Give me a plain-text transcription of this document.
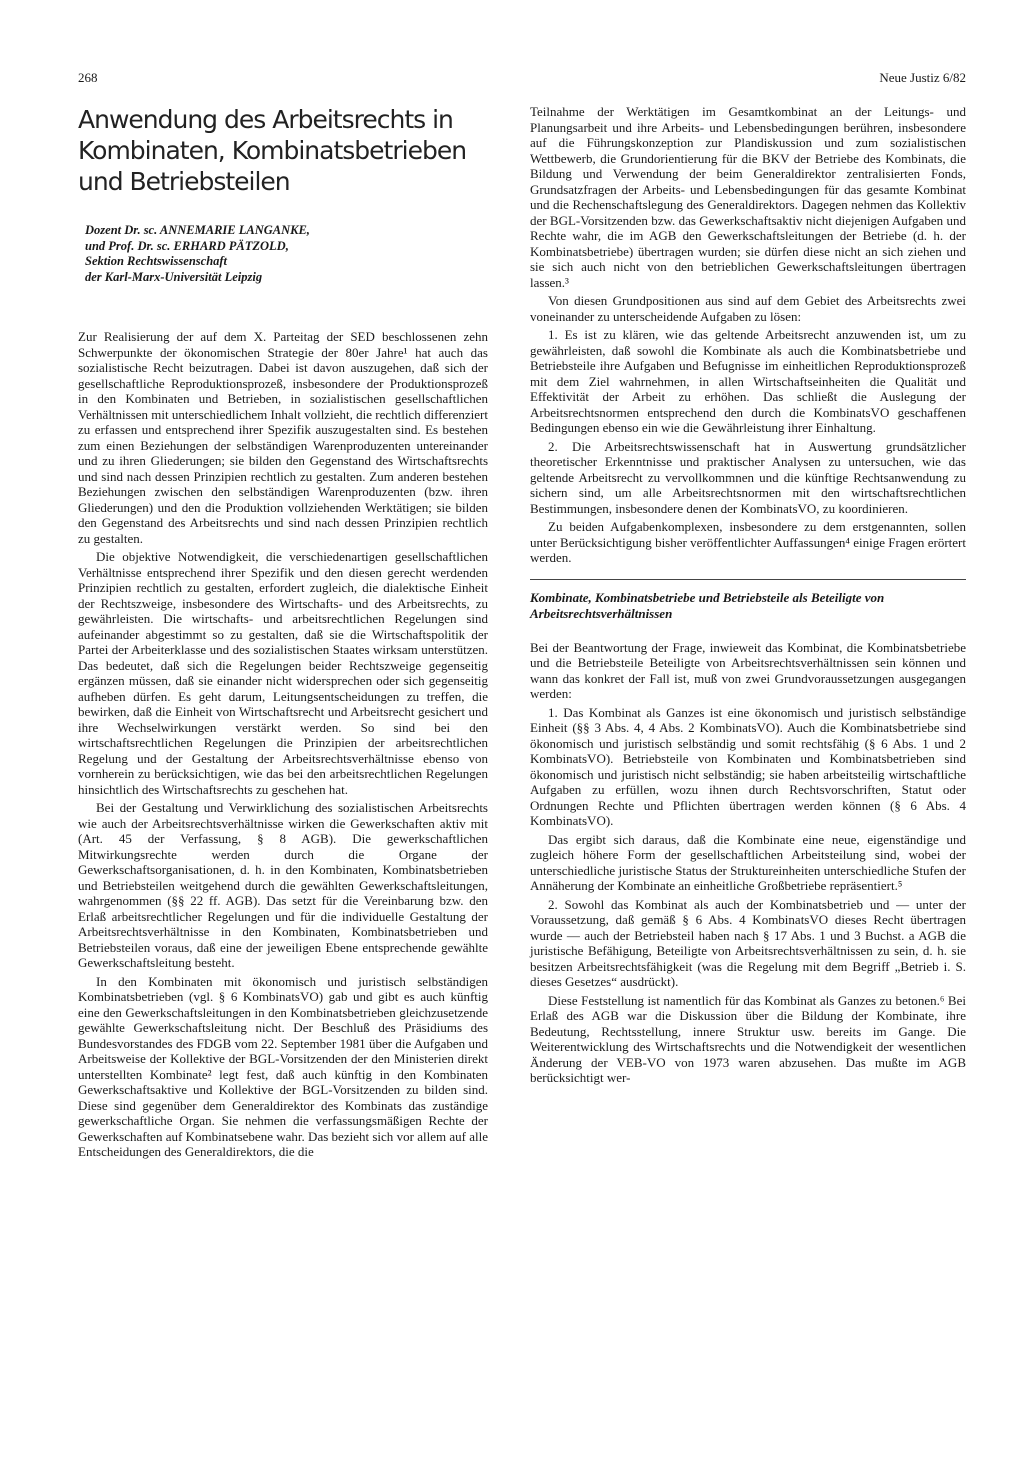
268	Neue Justiz 6/82
Anwendung des Arbeitsrechts in Kombinaten, Kombinatsbetrieben und Betriebsteilen
Dozent Dr. sc. ANNEMARIE LANGANKE,
und Prof. Dr. sc. ERHARD PÄTZOLD,
Sektion Rechtswissenschaft
der Karl-Marx-Universität Leipzig

Zur Realisierung der auf dem X. Parteitag der SED beschlossenen zehn Schwerpunkte der ökonomischen Strategie der 80er Jahre¹ hat auch das sozialistische Recht beizutragen. Dabei ist davon auszugehen, daß sich der gesellschaftliche Reproduktionsprozeß, insbesondere der Produktionsprozeß in den Kombinaten und Betrieben, in sozialistischen gesellschaftlichen Verhältnissen mit unterschiedlichem Inhalt vollzieht, die rechtlich differenziert zu erfassen und entsprechend ihrer Spezifik auszugestalten sind. Es bestehen zum einen Beziehungen der selbständigen Warenproduzenten untereinander und zu ihren Gliederungen; sie bilden den Gegenstand des Wirtschaftsrechts und sind nach dessen Prinzipien rechtlich zu gestalten. Zum anderen bestehen Beziehungen zwischen den selbständigen Warenproduzenten (bzw. ihren Gliederungen) und den die Produktion vollziehenden Werktätigen; sie bilden den Gegenstand des Arbeitsrechts und sind nach dessen Prinzipien rechtlich zu gestalten.

Die objektive Notwendigkeit, die verschiedenartigen gesellschaftlichen Verhältnisse entsprechend ihrer Spezifik und den diesen gerecht werdenden Prinzipien rechtlich zu gestalten, erfordert zugleich, die dialektische Einheit der Rechtszweige, insbesondere des Wirtschafts- und des Arbeitsrechts, zu gewährleisten. Die wirtschafts- und arbeitsrechtlichen Regelungen sind aufeinander abgestimmt so zu gestalten, daß sie die Wirtschaftspolitik der Partei der Arbeiterklasse und des sozialistischen Staates wirksam unterstützen. Das bedeutet, daß sich die Regelungen beider Rechtszweige gegenseitig ergänzen müssen, daß sie einander nicht widersprechen oder sich gegenseitig aufheben dürfen. Es geht darum, Leitungsentscheidungen zu treffen, die bewirken, daß die Einheit von Wirtschaftsrecht und Arbeitsrecht gesichert und ihre Wechselwirkungen verstärkt werden. So sind bei den wirtschaftsrechtlichen Regelungen die Prinzipien der arbeitsrechtlichen Regelung und der Gestaltung der Arbeitsrechtsverhältnisse ebenso von vornherein zu berücksichtigen, wie das bei den arbeitsrechtlichen Regelungen hinsichtlich des Wirtschaftsrechts zu geschehen hat.

Bei der Gestaltung und Verwirklichung des sozialistischen Arbeitsrechts wie auch der Arbeitsrechtsverhältnisse wirken die Gewerkschaften aktiv mit (Art. 45 der Verfassung, § 8 AGB). Die gewerkschaftlichen Mitwirkungsrechte werden durch die Organe der Gewerkschaftsorganisationen, d. h. in den Kombinaten, Kombinatsbetrieben und Betriebsteilen weitgehend durch die gewählten Gewerkschaftsleitungen, wahrgenommen (§§ 22 ff. AGB). Das setzt für die Vereinbarung bzw. den Erlaß arbeitsrechtlicher Regelungen und für die individuelle Gestaltung der Arbeitsrechtsverhältnisse in den Kombinaten, Kombinatsbetrieben und Betriebsteilen voraus, daß eine der jeweiligen Ebene entsprechende gewählte Gewerkschaftsleitung besteht.

In den Kombinaten mit ökonomisch und juristisch selbständigen Kombinatsbetrieben (vgl. § 6 KombinatsVO) gab und gibt es auch künftig eine den Gewerkschaftsleitungen in den Kombinatsbetrieben gleichzusetzende gewählte Gewerkschaftsleitung nicht. Der Beschluß des Präsidiums des Bundesvorstandes des FDGB vom 22. September 1981 über die Aufgaben und Arbeitsweise der Kollektive der BGL-Vorsitzenden der den Ministerien direkt unterstellten Kombinate² legt fest, daß auch künftig in den Kombinaten Gewerkschaftsaktive und Kollektive der BGL-Vorsitzenden zu bilden sind. Diese sind gegenüber dem Generaldirektor des Kombinats das zuständige gewerkschaftliche Organ. Sie nehmen die verfassungsmäßigen Rechte der Gewerkschaften auf Kombinatsebene wahr. Das bezieht sich vor allem auf alle Entscheidungen des Generaldirektors, die die

Teilnahme der Werktätigen im Gesamtkombinat an der Leitungs- und Planungsarbeit und ihre Arbeits- und Lebensbedingungen berühren, insbesondere auf die Führungskonzeption zur Plandiskussion und zum sozialistischen Wettbewerb, die Grundorientierung für die BKV der Betriebe des Kombinats, die Bildung und Verwendung der beim Generaldirektor zentralisierten Fonds, Grundsatzfragen der Arbeits- und Lebensbedingungen für das gesamte Kombinat und die Rechenschaftslegung des Generaldirektors. Dagegen nehmen das Kollektiv der BGL-Vorsitzenden bzw. das Gewerkschaftsaktiv nicht diejenigen Aufgaben und Rechte wahr, die im AGB den Gewerkschaftsleitungen der Betriebe (d. h. der Kombinatsbetriebe) übertragen wurden; sie dürfen diese nicht an sich ziehen und sie sich auch nicht von den betrieblichen Gewerkschaftsleitungen übertragen lassen.³

Von diesen Grundpositionen aus sind auf dem Gebiet des Arbeitsrechts zwei voneinander zu unterscheidende Aufgaben zu lösen:

1. Es ist zu klären, wie das geltende Arbeitsrecht anzuwenden ist, um zu gewährleisten, daß sowohl die Kombinate als auch die Kombinatsbetriebe und Betriebsteile ihre Aufgaben und Befugnisse im einheitlichen Reproduktionsprozeß mit dem Ziel wahrnehmen, in allen Wirtschaftseinheiten die Qualität und Effektivität der Arbeit zu erhöhen. Das schließt die Auslegung der Arbeitsrechtsnormen entsprechend den durch die KombinatsVO geschaffenen Bedingungen ebenso ein wie die Gewährleistung ihrer Einhaltung.

2. Die Arbeitsrechtswissenschaft hat in Auswertung grundsätzlicher theoretischer Erkenntnisse und praktischer Analysen zu untersuchen, wie das geltende Arbeitsrecht zu vervollkommnen und die künftige Rechtsanwendung zu sichern sind, um alle Arbeitsrechtsnormen mit den wirtschaftsrechtlichen Bestimmungen, insbesondere denen der KombinatsVO, zu koordinieren.

Zu beiden Aufgabenkomplexen, insbesondere zu dem erstgenannten, sollen unter Berücksichtigung bisher veröffentlichter Auffassungen⁴ einige Fragen erörtert werden.

Kombinate, Kombinatsbetriebe und Betriebsteile als Beteiligte von Arbeitsrechtsverhältnissen

Bei der Beantwortung der Frage, inwieweit das Kombinat, die Kombinatsbetriebe und die Betriebsteile Beteiligte von Arbeitsrechtsverhältnissen sein können und wann das konkret der Fall ist, muß von zwei Grundvoraussetzungen ausgegangen werden:

1. Das Kombinat als Ganzes ist eine ökonomisch und juristisch selbständige Einheit (§§ 3 Abs. 4, 4 Abs. 2 KombinatsVO). Auch die Kombinatsbetriebe sind ökonomisch und juristisch selbständig und somit rechtsfähig (§ 6 Abs. 1 und 2 KombinatsVO). Betriebsteile von Kombinaten und Kombinatsbetrieben sind ökonomisch und juristisch nicht selbständig; sie haben arbeitsteilig wirtschaftliche Aufgaben zu erfüllen, wozu ihnen durch Rechtsvorschriften, Statut oder Ordnungen Rechte und Pflichten übertragen werden können (§ 6 Abs. 4 KombinatsVO).

Das ergibt sich daraus, daß die Kombinate eine neue, eigenständige und zugleich höhere Form der gesellschaftlichen Arbeitsteilung sind, wobei der unterschiedliche juristische Status der Struktureinheiten unterschiedliche Stufen der Annäherung der Kombinate an einheitliche Großbetriebe repräsentiert.⁵

2. Sowohl das Kombinat als auch der Kombinatsbetrieb und — unter der Voraussetzung, daß gemäß § 6 Abs. 4 KombinatsVO dieses Recht übertragen wurde — auch der Betriebsteil haben nach § 17 Abs. 1 und 3 Buchst. a AGB die juristische Befähigung, Beteiligte von Arbeitsrechtsverhältnissen zu sein, d. h. sie besitzen Arbeitsrechtsfähigkeit (was die Regelung mit dem Begriff „Betrieb i. S. dieses Gesetzes“ ausdrückt).

Diese Feststellung ist namentlich für das Kombinat als Ganzes zu betonen.⁶ Bei Erlaß des AGB war die Diskussion über die Bildung der Kombinate, ihre Bedeutung, Rechtsstellung, innere Struktur usw. bereits im Gange. Die Weiterentwicklung des Wirtschaftsrechts und die Notwendigkeit der wesentlichen Änderung der VEB-VO von 1973 waren abzusehen. Das mußte im AGB berücksichtigt wer-
